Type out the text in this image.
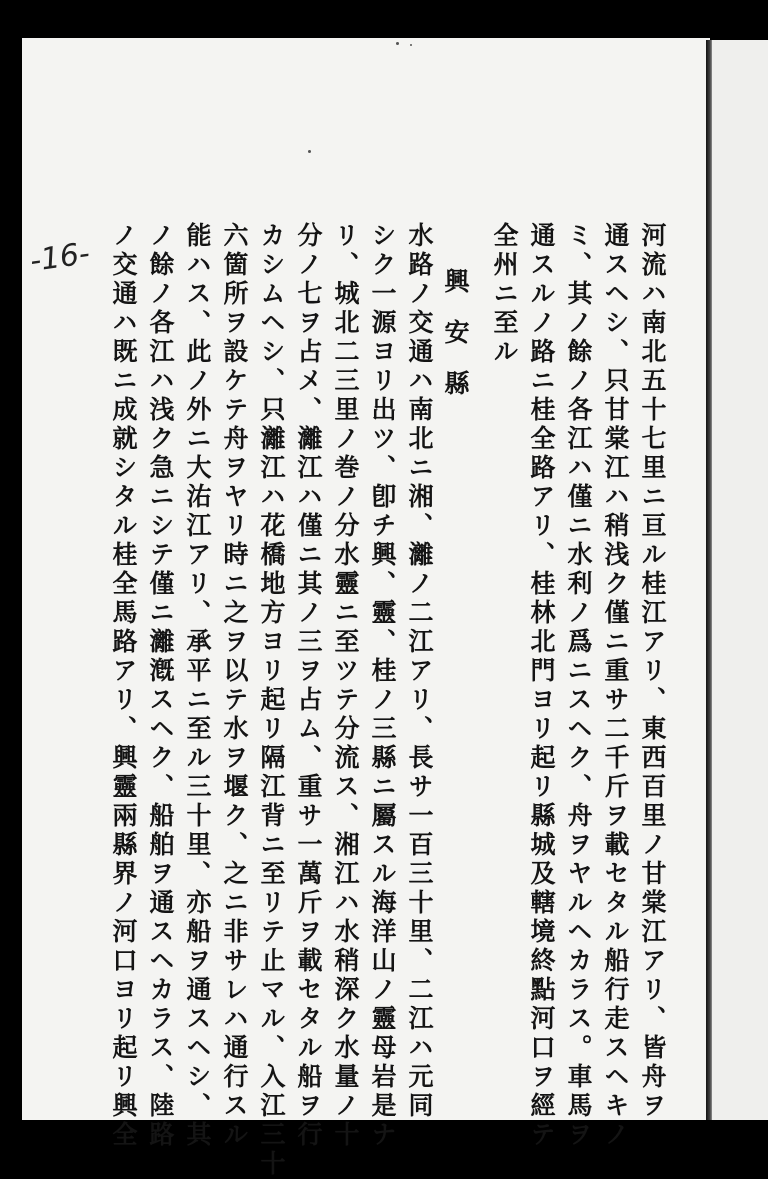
-16-	河流ハ南北五十七里ニ亘ル桂江アリ、東西百里ノ甘棠江アリ、皆舟ヲ
通スヘシ、只甘棠江ハ稍浅ク僅ニ重サ二千斤ヲ載セタル船行走スヘキノ
ミ、其ノ餘ノ各江ハ僅ニ水利ノ爲ニスヘク、舟ヲヤルヘカラス。車馬ヲ
通スルノ路ニ桂全路アリ、桂林北門ヨリ起リ縣城及轄境終點河口ヲ經テ
全州ニ至ル
興安縣
水路ノ交通ハ南北ニ湘、灕ノ二江アリ、長サ一百三十里、二江ハ元同
シク一源ヨリ出ツ、卽チ興、靈、桂ノ三縣ニ屬スル海洋山ノ靈母岩是ナ
リ、城北二三里ノ巻ノ分水靈ニ至ツテ分流ス、湘江ハ水稍深ク水量ノ十
分ノ七ヲ占メ、灕江ハ僅ニ其ノ三ヲ占ム、重サ一萬斤ヲ載セタル船ヲ行
カシムヘシ、只灕江ハ花橋地方ヨリ起リ隔江背ニ至リテ止マル、入江三十
六箇所ヲ設ケテ舟ヲヤリ時ニ之ヲ以テ水ヲ堰ク、之ニ非サレハ通行スル
能ハス、此ノ外ニ大㳓江アリ、承平ニ至ル三十里、亦船ヲ通スヘシ、其
ノ餘ノ各江ハ浅ク急ニシテ僅ニ灕漑スヘク、船舶ヲ通スヘカラス、陸路
ノ交通ハ既ニ成就シタル桂全馬路アリ、興靈兩縣界ノ河口ヨリ起リ興全
